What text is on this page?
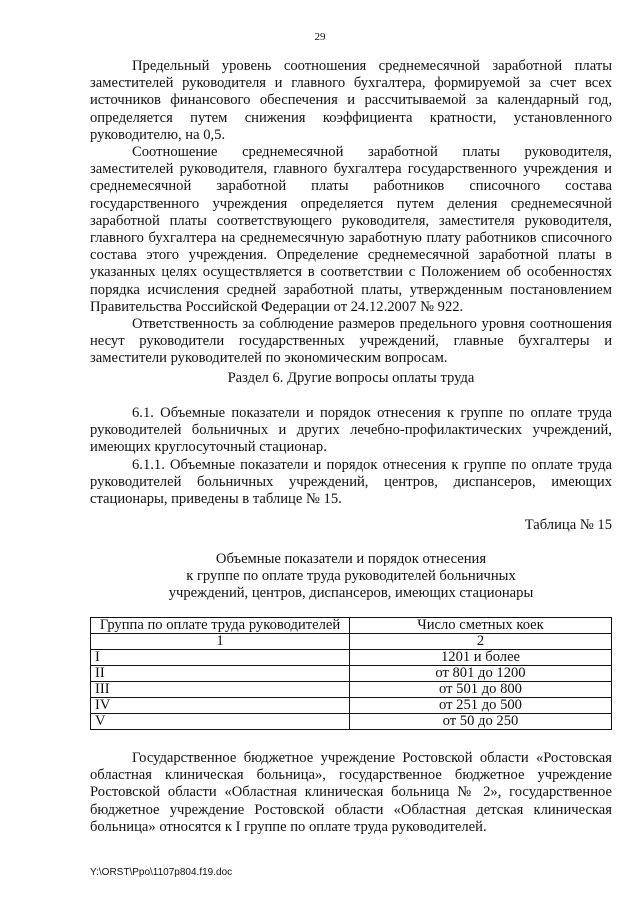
29

Предельный уровень соотношения среднемесячной заработной платы заместителей руководителя и главного бухгалтера, формируемой за счет всех источников финансового обеспечения и рассчитываемой за календарный год, определяется путем снижения коэффициента кратности, установленного руководителю, на 0,5.

Соотношение среднемесячной заработной платы руководителя, заместителей руководителя, главного бухгалтера государственного учреждения и среднемесячной заработной платы работников списочного состава государственного учреждения определяется путем деления среднемесячной заработной платы соответствующего руководителя, заместителя руководителя, главного бухгалтера на среднемесячную заработную плату работников списочного состава этого учреждения. Определение среднемесячной заработной платы в указанных целях осуществляется в соответствии с Положением об особенностях порядка исчисления средней заработной платы, утвержденным постановлением Правительства Российской Федерации от 24.12.2007 № 922.

Ответственность за соблюдение размеров предельного уровня соотношения несут руководители государственных учреждений, главные бухгалтеры и заместители руководителей по экономическим вопросам.

Раздел 6. Другие вопросы оплаты труда

6.1. Объемные показатели и порядок отнесения к группе по оплате труда руководителей больничных и других лечебно-профилактических учреждений, имеющих круглосуточный стационар.

6.1.1. Объемные показатели и порядок отнесения к группе по оплате труда руководителей больничных учреждений, центров, диспансеров, имеющих стационары, приведены в таблице № 15.

Таблица № 15
Объемные показатели и порядок отнесения
к группе по оплате труда руководителей больничных
учреждений, центров, диспансеров, имеющих стационары
Группа по оплате труда руководителей	Число сметных коек
1	2
I	1201 и более
II	от 801 до 1200
III	от 501 до 800
IV	от 251 до 500
V	от 50 до 250

Государственное бюджетное учреждение Ростовской области «Ростовская областная клиническая больница», государственное бюджетное учреждение Ростовской области «Областная клиническая больница № 2», государственное бюджетное учреждение Ростовской области «Областная детская клиническая больница» относятся к I группе по оплате труда руководителей.

Y:\ORST\Ppo\1107p804.f19.doc
